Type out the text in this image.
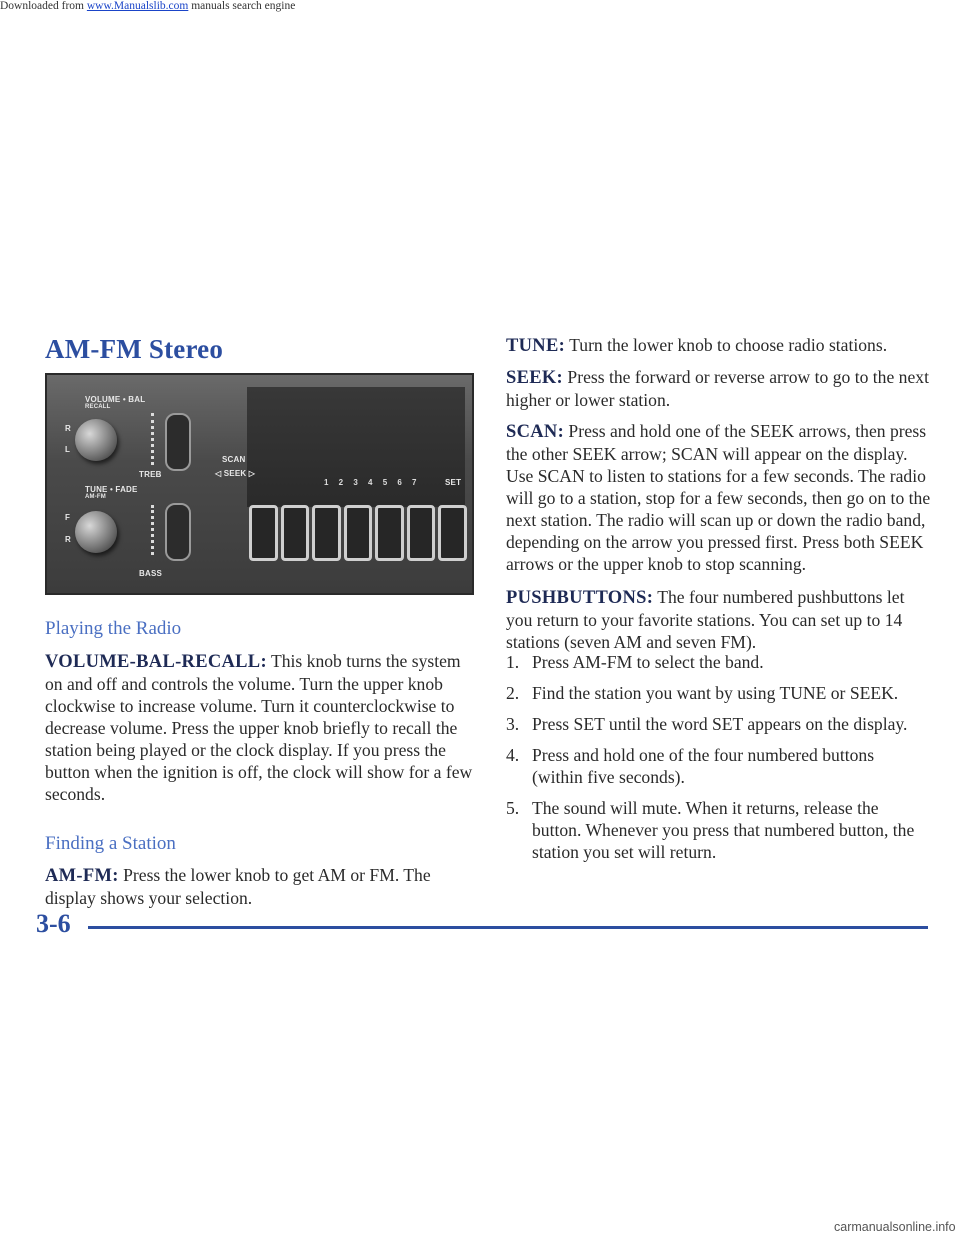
Downloaded from www.Manualslib.com manuals search engine
AM-FM Stereo
VOLUME • BAL
RECALL
R
L
TREB
TUNE • FADE
AM-FM
F
R
BASS
SCAN
◁ SEEK ▷
1 2 3 4 5 6 7	SET
Playing the Radio
VOLUME-BAL-RECALL: This knob turns the system on and off and controls the volume. Turn the upper knob clockwise to increase volume. Turn it counterclockwise to decrease volume. Press the upper knob briefly to recall the station being played or the clock display. If you press the button when the ignition is off, the clock will show for a few seconds.
Finding a Station
AM-FM: Press the lower knob to get AM or FM. The display shows your selection.
TUNE: Turn the lower knob to choose radio stations.
SEEK: Press the forward or reverse arrow to go to the next higher or lower station.
SCAN: Press and hold one of the SEEK arrows, then press the other SEEK arrow; SCAN will appear on the display. Use SCAN to listen to stations for a few seconds. The radio will go to a station, stop for a few seconds, then go on to the next station. The radio will scan up or down the radio band, depending on the arrow you pressed first. Press both SEEK arrows or the upper knob to stop scanning.
PUSHBUTTONS: The four numbered pushbuttons let you return to your favorite stations. You can set up to 14 stations (seven AM and seven FM).
1. Press AM-FM to select the band.
2. Find the station you want by using TUNE or SEEK.
3. Press SET until the word SET appears on the display.
4. Press and hold one of the four numbered buttons (within five seconds).
5. The sound will mute. When it returns, release the button. Whenever you press that numbered button, the station you set will return.
3-6
carmanualsonline.info
